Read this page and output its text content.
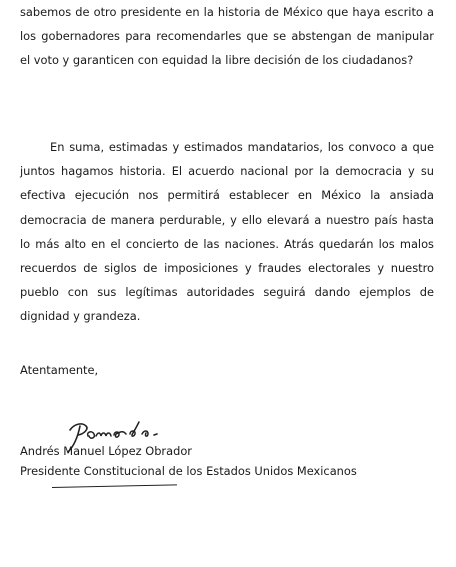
sabemos de otro presidente en la historia de México que haya escrito a los gobernadores para recomendarles que se abstengan de manipular el voto y garanticen con equidad la libre decisión de los ciudadanos?

En suma, estimadas y estimados mandatarios, los convoco a que juntos hagamos historia. El acuerdo nacional por la democracia y su efectiva ejecución nos permitirá establecer en México la ansiada democracia de manera perdurable, y ello elevará a nuestro país hasta lo más alto en el concierto de las naciones. Atrás quedarán los malos recuerdos de siglos de imposiciones y fraudes electorales y nuestro pueblo con sus legítimas autoridades seguirá dando ejemplos de dignidad y grandeza.

Atentamente,
Andrés Manuel López Obrador
Presidente Constitucional de los Estados Unidos Mexicanos
